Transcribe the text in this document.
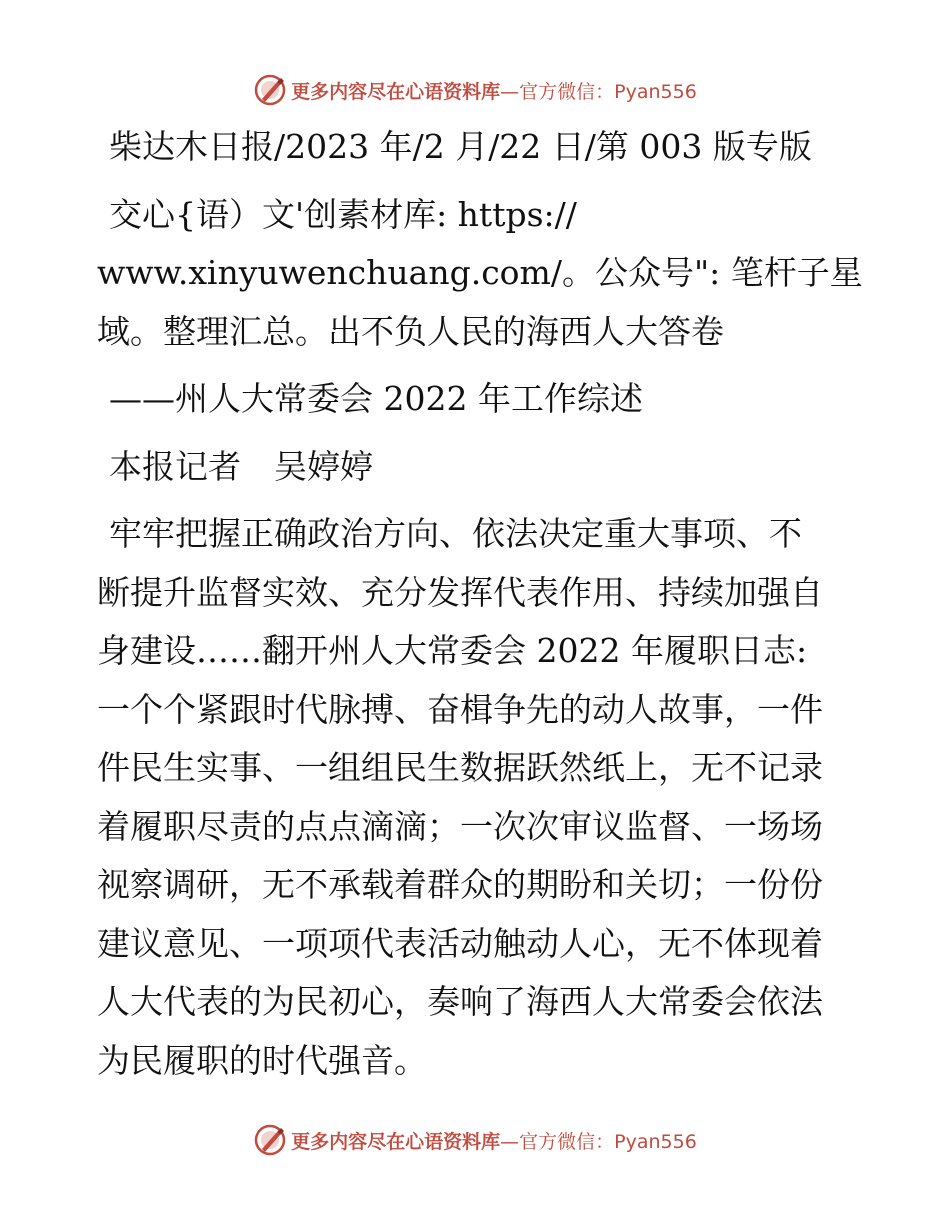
更多内容尽在心语资料库—官方微信：Pyan556
柴达木日报/2023 年/2 月/22 日/第 003 版专版
交心{语）文'创素材库: https://
www.xinyuwenchuang.com/。公众号": 笔杆子星
域。整理汇总。出不负人民的海西人大答卷
——州人大常委会 2022 年工作综述
本报记者　吴婷婷
牢牢把握正确政治方向、依法决定重大事项、不
断提升监督实效、充分发挥代表作用、持续加强自
身建设……翻开州人大常委会 2022 年履职日志:
一个个紧跟时代脉搏、奋楫争先的动人故事，一件
件民生实事、一组组民生数据跃然纸上，无不记录
着履职尽责的点点滴滴；一次次审议监督、一场场
视察调研，无不承载着群众的期盼和关切；一份份
建议意见、一项项代表活动触动人心，无不体现着
人大代表的为民初心，奏响了海西人大常委会依法
为民履职的时代强音。
更多内容尽在心语资料库—官方微信：Pyan556
